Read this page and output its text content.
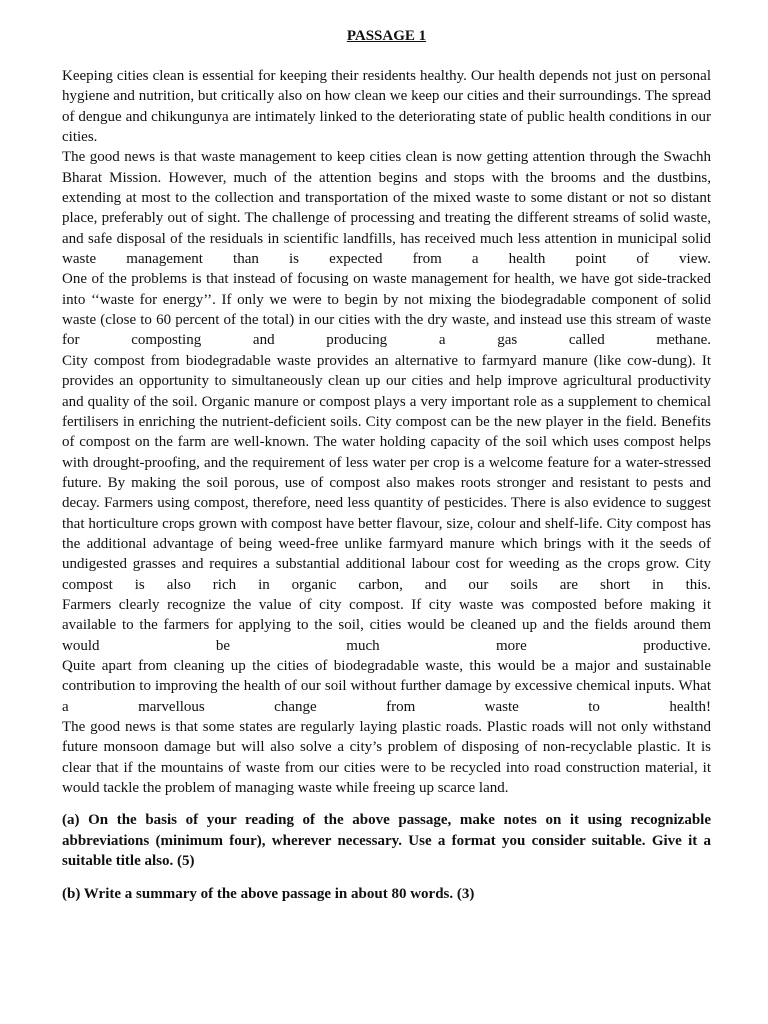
PASSAGE 1

Keeping cities clean is essential for keeping their residents healthy. Our health depends not just on personal hygiene and nutrition, but critically also on how clean we keep our cities and their surroundings. The spread of dengue and chikungunya are intimately linked to the deteriorating state of public health conditions in our cities.

The good news is that waste management to keep cities clean is now getting attention through the Swachh Bharat Mission. However, much of the attention begins and stops with the brooms and the dustbins, extending at most to the collection and transportation of the mixed waste to some distant or not so distant place, preferably out of sight. The challenge of processing and treating the different streams of solid waste, and safe disposal of the residuals in scientific landfills, has received much less attention in municipal solid waste management than is expected from a health point of view.

One of the problems is that instead of focusing on waste management for health, we have got side-tracked into ‘‘waste for energy’’. If only we were to begin by not mixing the biodegradable component of solid waste (close to 60 percent of the total) in our cities with the dry waste, and instead use this stream of waste for composting and producing a gas called methane.

City compost from biodegradable waste provides an alternative to farmyard manure (like cow-dung). It provides an opportunity to simultaneously clean up our cities and help improve agricultural productivity and quality of the soil. Organic manure or compost plays a very important role as a supplement to chemical fertilisers in enriching the nutrient-deficient soils. City compost can be the new player in the field. Benefits of compost on the farm are well-known. The water holding capacity of the soil which uses compost helps with drought-proofing, and the requirement of less water per crop is a welcome feature for a water-stressed future. By making the soil porous, use of compost also makes roots stronger and resistant to pests and decay. Farmers using compost, therefore, need less quantity of pesticides. There is also evidence to suggest that horticulture crops grown with compost have better flavour, size, colour and shelf-life. City compost has the additional advantage of being weed-free unlike farmyard manure which brings with it the seeds of undigested grasses and requires a substantial additional labour cost for weeding as the crops grow. City compost is also rich in organic carbon, and our soils are short in this.

Farmers clearly recognize the value of city compost. If city waste was composted before making it available to the farmers for applying to the soil, cities would be cleaned up and the fields around them would be much more productive.

Quite apart from cleaning up the cities of biodegradable waste, this would be a major and sustainable contribution to improving the health of our soil without further damage by excessive chemical inputs. What a marvellous change from waste to health!

The good news is that some states are regularly laying plastic roads. Plastic roads will not only withstand future monsoon damage but will also solve a city’s problem of disposing of non-recyclable plastic. It is clear that if the mountains of waste from our cities were to be recycled into road construction material, it would tackle the problem of managing waste while freeing up scarce land.

(a) On the basis of your reading of the above passage, make notes on it using recognizable abbreviations (minimum four), wherever necessary. Use a format you consider suitable. Give it a suitable title also. (5)

(b) Write a summary of the above passage in about 80 words. (3)
